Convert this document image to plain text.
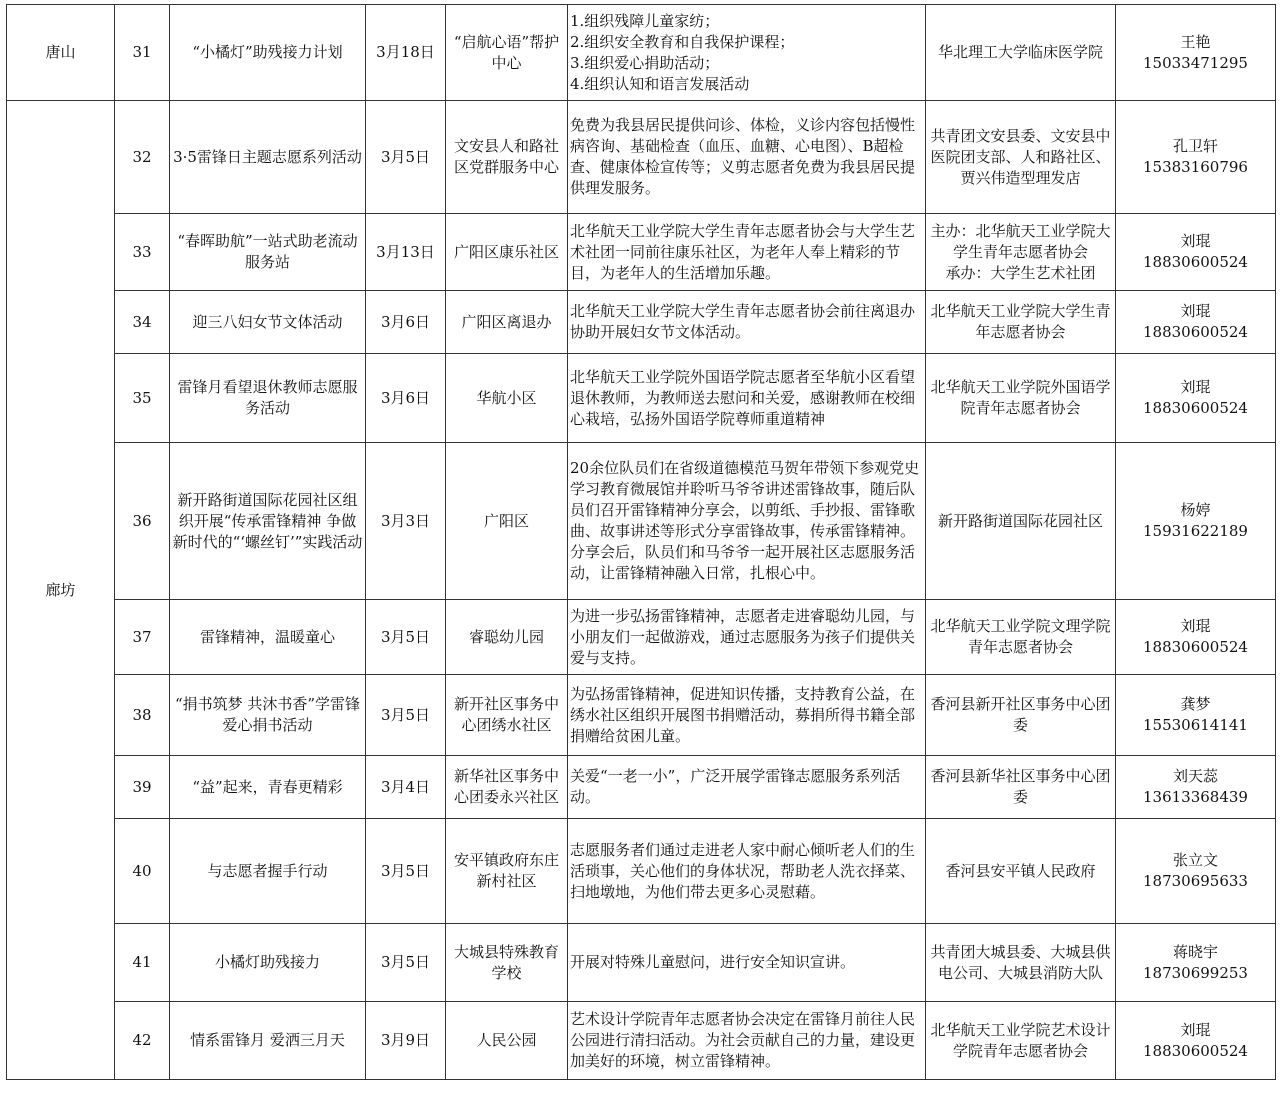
唐山	31	“小橘灯”助残接力计划	3月18日	“启航心语”帮护中心	1.组织残障儿童家纺；
2.组织安全教育和自我保护课程；
3.组织爱心捐助活动；
4.组织认知和语言发展活动	华北理工大学临床医学院	王艳
15033471295

廊坊	32	3·5雷锋日主题志愿系列活动	3月5日	文安县人和路社区党群服务中心	免费为我县居民提供问诊、体检，义诊内容包括慢性病咨询、基础检查（血压、血糖、心电图）、B超检查、健康体检宣传等；义剪志愿者免费为我县居民提供理发服务。	共青团文安县委、文安县中医院团支部、人和路社区、贾兴伟造型理发店	孔卫轩
15383160796

	33	“春晖助航”一站式助老流动服务站	3月13日	广阳区康乐社区	北华航天工业学院大学生青年志愿者协会与大学生艺术社团一同前往康乐社区，为老年人奉上精彩的节目，为老年人的生活增加乐趣。	主办：北华航天工业学院大学生青年志愿者协会
承办：大学生艺术社团	刘琨
18830600524

	34	迎三八妇女节文体活动	3月6日	广阳区离退办	北华航天工业学院大学生青年志愿者协会前往离退办协助开展妇女节文体活动。	北华航天工业学院大学生青年志愿者协会	刘琨
18830600524

	35	雷锋月看望退休教师志愿服务活动	3月6日	华航小区	北华航天工业学院外国语学院志愿者至华航小区看望退休教师，为教师送去慰问和关爱，感谢教师在校细心栽培，弘扬外国语学院尊师重道精神	北华航天工业学院外国语学院青年志愿者协会	刘琨
18830600524

	36	新开路街道国际花园社区组织开展“传承雷锋精神 争做新时代的“‘螺丝钉’”实践活动	3月3日	广阳区	20余位队员们在省级道德模范马贺年带领下参观党史学习教育微展馆并聆听马爷爷讲述雷锋故事，随后队员们召开雷锋精神分享会，以剪纸、手抄报、雷锋歌曲、故事讲述等形式分享雷锋故事，传承雷锋精神。分享会后，队员们和马爷爷一起开展社区志愿服务活动，让雷锋精神融入日常，扎根心中。	新开路街道国际花园社区	杨婷
15931622189

	37	雷锋精神，温暖童心	3月5日	睿聪幼儿园	为进一步弘扬雷锋精神，志愿者走进睿聪幼儿园，与小朋友们一起做游戏，通过志愿服务为孩子们提供关爱与支持。	北华航天工业学院文理学院青年志愿者协会	刘琨
18830600524

	38	“捐书筑梦 共沐书香”学雷锋爱心捐书活动	3月5日	新开社区事务中心团绣水社区	为弘扬雷锋精神，促进知识传播，支持教育公益，在绣水社区组织开展图书捐赠活动，募捐所得书籍全部捐赠给贫困儿童。	香河县新开社区事务中心团委	龚梦
15530614141

	39	“益”起来，青春更精彩	3月4日	新华社区事务中心团委永兴社区	关爱“一老一小”，广泛开展学雷锋志愿服务系列活动。	香河县新华社区事务中心团委	刘天蕊
13613368439

	40	与志愿者握手行动	3月5日	安平镇政府东庄新村社区	志愿服务者们通过走进老人家中耐心倾听老人们的生活琐事，关心他们的身体状况，帮助老人洗衣择菜、扫地墩地，为他们带去更多心灵慰藉。	香河县安平镇人民政府	张立文
18730695633

	41	小橘灯助残接力	3月5日	大城县特殊教育学校	开展对特殊儿童慰问，进行安全知识宣讲。	共青团大城县委、大城县供电公司、大城县消防大队	蒋晓宇
18730699253

	42	情系雷锋月 爱洒三月天	3月9日	人民公园	艺术设计学院青年志愿者协会决定在雷锋月前往人民公园进行清扫活动。为社会贡献自己的力量，建设更加美好的环境，树立雷锋精神。	北华航天工业学院艺术设计学院青年志愿者协会	刘琨
18830600524
